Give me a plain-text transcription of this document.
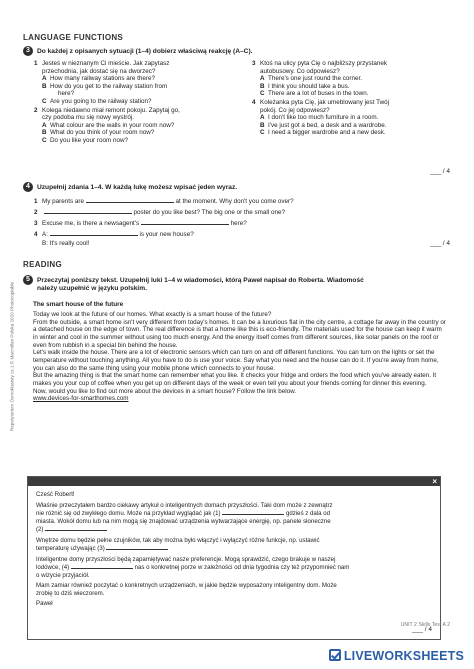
Repetytorium Ósmoklasisty cz.1 © Macmillan Polska 2020 Photocopiable
LANGUAGE FUNCTIONS
3 Do każdej z opisanych sytuacji (1–4) dobierz właściwą reakcję (A–C).
1 Jesteś w nieznanym Ci mieście. Jak zapytasz
przechodnia, jak dostać się na dworzec?
A How many railway stations are there?
B How do you get to the railway station from
here?
C Are you going to the railway station?
2 Kolega niedawno miał remont pokoju. Zapytaj go,
czy podoba mu się nowy wystrój.
A What colour are the walls in your room now?
B What do you think of your room now?
C Do you like your room now?
3 Ktoś na ulicy pyta Cię o najbliższy przystanek
autobusowy. Co odpowiesz?
A There's one just round the corner.
B I think you should take a bus.
C There are a lot of buses in the town.
4 Koleżanka pyta Cię, jak umeblowany jest Twój
pokój. Co jej odpowiesz?
A I don't like too much furniture in a room.
B I've just got a bed, a desk and a wardrobe.
C I need a bigger wardrobe and a new desk.
___ / 4
4 Uzupełnij zdania 1–4. W każdą lukę możesz wpisać jeden wyraz.
1 My parents are	at the moment. Why don't you come over?
2	poster do you like best? The big one or the small one?
3 Excuse me, is there a newsagent's	here?
4 A:	is your new house?
B: It's really cool!	___ / 4
READING
5 Przeczytaj poniższy tekst. Uzupełnij luki 1–4 w wiadomości, którą Paweł napisał do Roberta. Wiadomość
należy uzupełnić w języku polskim.
The smart house of the future
Today we look at the future of our homes. What exactly is a smart house of the future?
From the outside, a smart home isn't very different from today's homes. It can be a luxurious flat in the city centre, a cottage far away in the country or a detached house on the edge of town. The real difference is that a home like this is eco-friendly. The materials used for the house can keep it warm in winter and cool in the summer without using too much energy. And the energy itself comes from different sources, like solar panels on the roof or even from rubbish in a special bin behind the house.
Let's walk inside the house. There are a lot of electronic sensors which can turn on and off different functions. You can turn on the lights or set the temperature without touching anything. All you have to do is use your voice. Say what you need and the house can do it. If you're away from home, you can also do the same thing using your mobile phone which connects to your house.
But the amazing thing is that the smart home can remember what you like. It checks your fridge and orders the food which you've already eaten. It makes you your cup of coffee when you get up on different days of the week or even tell you about your friends coming for dinner this evening.
Now, would you like to find out more about the devices in a smart house? Follow the link below.
www.devices-for-smarthomes.com
×

Cześć Robert!

Właśnie przeczytałem bardzo ciekawy artykuł o inteligentnych domach przyszłości. Taki dom może z zewnątrz
nie różnić się od zwykłego domu. Może na przykład wyglądać jak (1)	gdzieś z dala od
miasta. Wokół domu lub na nim mogą się znajdować urządzenia wytwarzające energię, np. panele słoneczne
(2)

Wnętrze domu będzie pełne czujników, tak aby można było włączyć i wyłączyć różne funkcje, np. ustawić
temperaturę używając (3)

Inteligentne domy przyszłości będą zapamiętywać nasze preferencje. Mogą sprawdzić, czego brakuje w naszej
lodówce, (4)	nas o konkretnej porze w zależności od dnia tygodnia czy też przypomnieć nam
o wizycie przyjaciół.

Mam zamiar również poczytać o konkretnych urządzeniach, w jakie będzie wyposażony inteligentny dom. Może
zrobię to dziś wieczorem.

Paweł

___ / 4
UNIT 2 Skills Test A 2
LIVEWORKSHEETS
